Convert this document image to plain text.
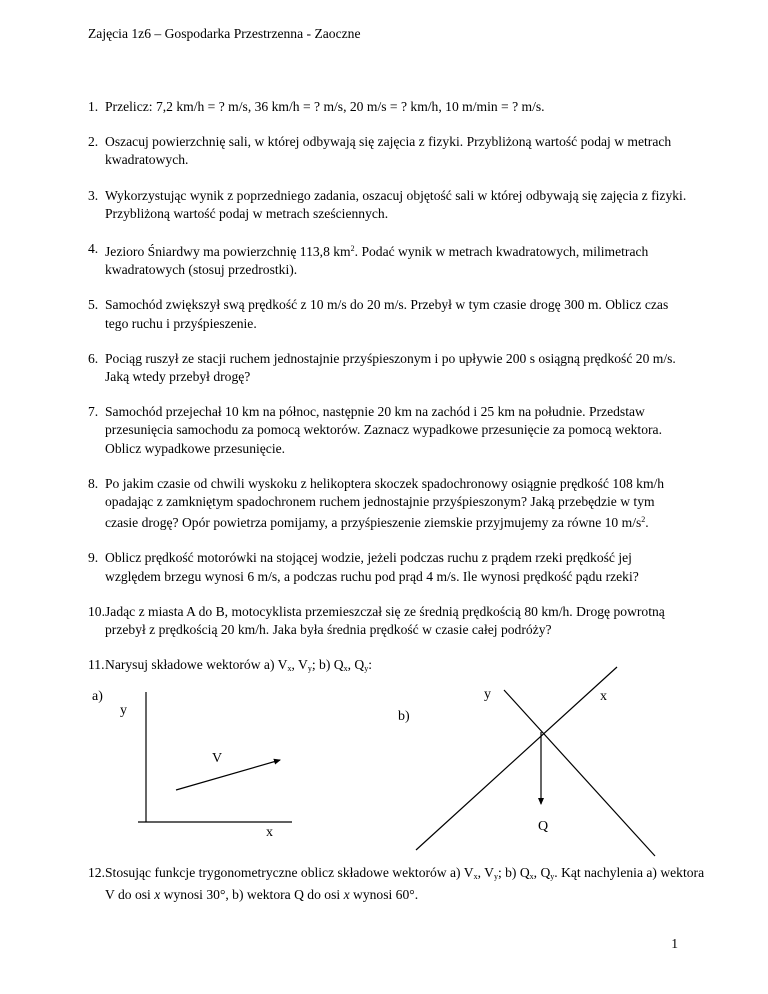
Zajęcia 1z6 – Gospodarka Przestrzenna - Zaoczne
1. Przelicz: 7,2 km/h = ? m/s, 36 km/h = ? m/s, 20 m/s = ? km/h, 10 m/min = ? m/s.
2. Oszacuj powierzchnię sali, w której odbywają się zajęcia z fizyki. Przybliżoną wartość podaj w metrach kwadratowych.
3. Wykorzystując wynik z poprzedniego zadania, oszacuj objętość sali w której odbywają się zajęcia z fizyki. Przybliżoną wartość podaj w metrach sześciennych.
4. Jezioro Śniardwy ma powierzchnię 113,8 $km^2$. Podać wynik w metrach kwadratowych, milimetrach kwadratowych (stosuj przedrostki).
5. Samochód zwiększył swą prędkość z 10 m/s do 20 m/s. Przebył w tym czasie drogę 300 m. Oblicz czas tego ruchu i przyśpieszenie.
6. Pociąg ruszył ze stacji ruchem jednostajnie przyśpieszonym i po upływie 200 s osiągną prędkość 20 m/s. Jaką wtedy przebył drogę?
7. Samochód przejechał 10 km na północ, następnie 20 km na zachód i 25 km na południe. Przedstaw przesunięcia samochodu za pomocą wektorów. Zaznacz wypadkowe przesunięcie za pomocą wektora. Oblicz wypadkowe przesunięcie.
8. Po jakim czasie od chwili wyskoku z helikoptera skoczek spadochronowy osiągnie prędkość 108 km/h opadając z zamkniętym spadochronem ruchem jednostajnie przyśpieszonym? Jaką przebędzie w tym czasie drogę? Opór powietrza pomijamy, a przyśpieszenie ziemskie przyjmujemy za równe 10 $m/s^2$.
9. Oblicz prędkość motorówki na stojącej wodzie, jeżeli podczas ruchu z prądem rzeki prędkość jej względem brzegu wynosi 6 m/s, a podczas ruchu pod prąd 4 m/s. Ile wynosi prędkość pądu rzeki?
10. Jadąc z miasta A do B, motocyklista przemieszczał się ze średnią prędkością 80 km/h. Drogę powrotną przebył z prędkością 20 km/h. Jaka była średnia prędkość w czasie całej podróży?
11. Narysuj składowe wektorów a) $V_x$, $V_y$; b) $Q_x$, $Q_y$:
a)
y
x
V
b)
y	x
Q
12. Stosując funkcje trygonometryczne oblicz składowe wektorów a) $V_x$, $V_y$; b) $Q_x$, $Q_y$. Kąt nachylenia a) wektora V do osi x wynosi 30°, b) wektora Q do osi x wynosi 60°.
1
